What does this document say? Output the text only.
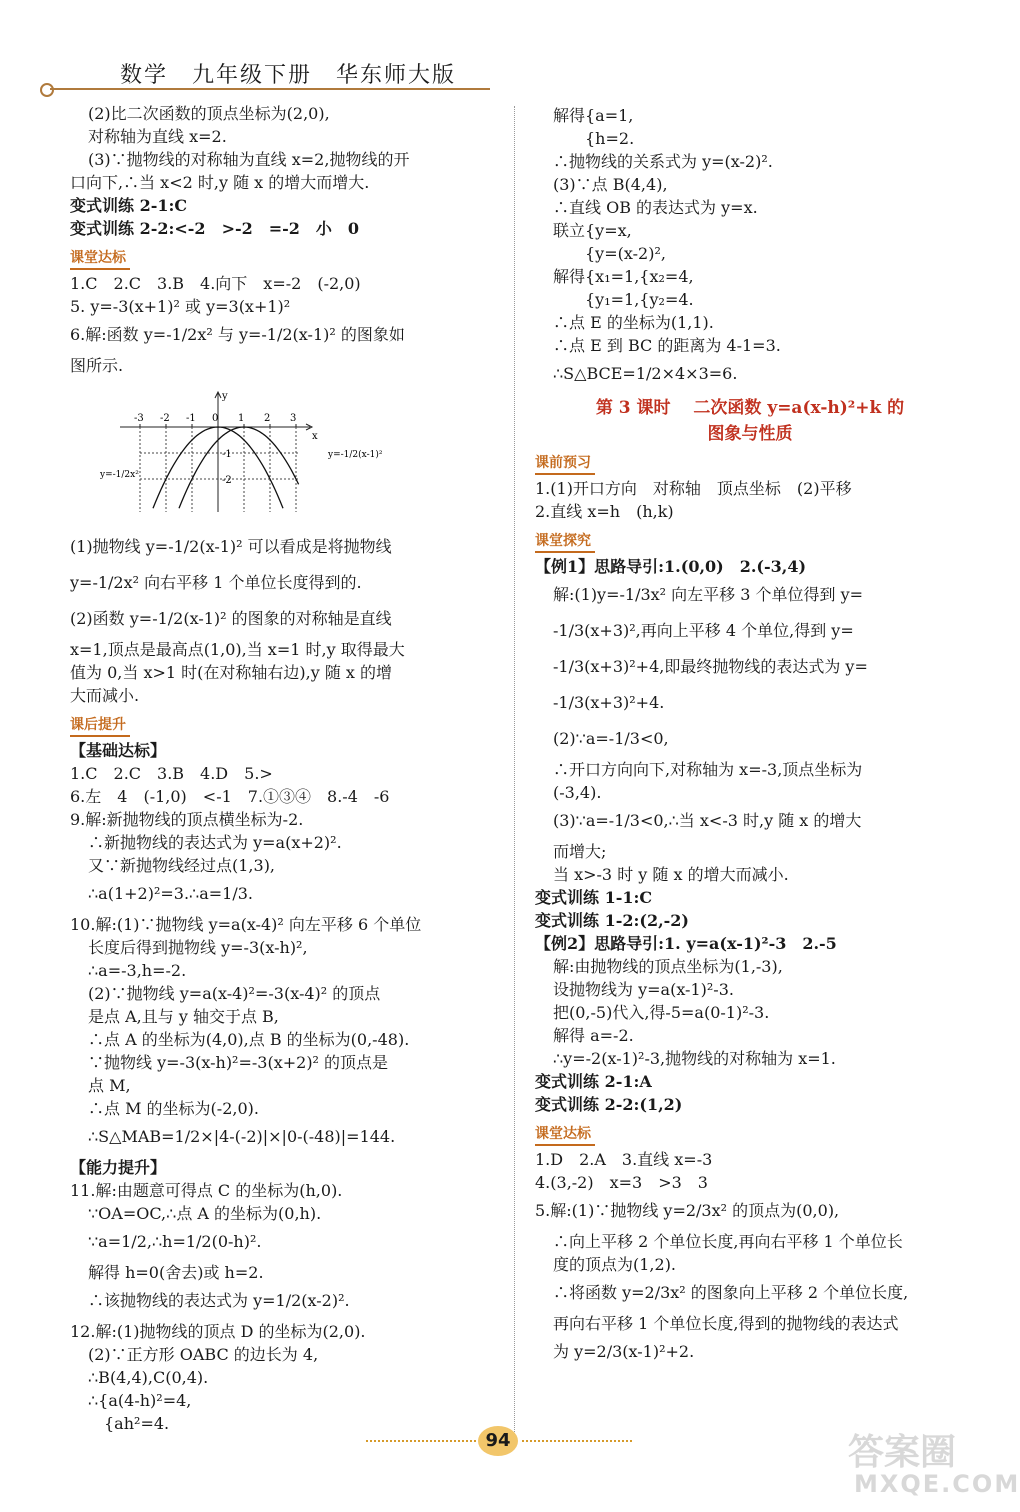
数学　九年级下册　华东师大版
(2)比二次函数的顶点坐标为(2,0),
对称轴为直线 x=2.
(3)∵抛物线的对称轴为直线 x=2,抛物线的开
口向下,∴当 x<2 时,y 随 x 的增大而增大.
变式训练 2-1:C
变式训练 2-2:<-2　>-2　=-2　小　0
课堂达标
1.C　2.C　3.B　4.向下　x=-2　(-2,0)
5. y=-3(x+1)² 或 y=3(x+1)²
6.解:函数 y=-1/2x² 与 y=-1/2(x-1)² 的图象如
图所示.
x
y
-3 -2 -1 0 1 2 3
-1
-2
y=-1/2x²
y=-1/2(x-1)²
(1)抛物线 y=-1/2(x-1)² 可以看成是将抛物线
y=-1/2x² 向右平移 1 个单位长度得到的.
(2)函数 y=-1/2(x-1)² 的图象的对称轴是直线
x=1,顶点是最高点(1,0),当 x=1 时,y 取得最大
值为 0,当 x>1 时(在对称轴右边),y 随 x 的增
大而减小.
课后提升
【基础达标】
1.C　2.C　3.B　4.D　5.>
6.左　4　(-1,0)　<-1　7.①③④　8.-4　-6
9.解:新抛物线的顶点横坐标为-2.
∴新抛物线的表达式为 y=a(x+2)².
又∵新抛物线经过点(1,3),
∴a(1+2)²=3.∴a=1/3.
10.解:(1)∵抛物线 y=a(x-4)² 向左平移 6 个单位
长度后得到抛物线 y=-3(x-h)²,
∴a=-3,h=-2.
(2)∵抛物线 y=a(x-4)²=-3(x-4)² 的顶点
是点 A,且与 y 轴交于点 B,
∴点 A 的坐标为(4,0),点 B 的坐标为(0,-48).
∵抛物线 y=-3(x-h)²=-3(x+2)² 的顶点是
点 M,
∴点 M 的坐标为(-2,0).
∴S△MAB=1/2×|4-(-2)|×|0-(-48)|=144.
【能力提升】
11.解:由题意可得点 C 的坐标为(h,0).
∵OA=OC,∴点 A 的坐标为(0,h).
∵a=1/2,∴h=1/2(0-h)².
解得 h=0(舍去)或 h=2.
∴该抛物线的表达式为 y=1/2(x-2)².
12.解:(1)抛物线的顶点 D 的坐标为(2,0).
(2)∵正方形 OABC 的边长为 4,
∴B(4,4),C(0,4).
∴{a(4-h)²=4,
　{ah²=4.
解得{a=1,
　　{h=2.
∴抛物线的关系式为 y=(x-2)².
(3)∵点 B(4,4),
∴直线 OB 的表达式为 y=x.
联立{y=x,
　　{y=(x-2)²,
解得{x₁=1,{x₂=4,
　　{y₁=1,{y₂=4.
∴点 E 的坐标为(1,1).
∴点 E 到 BC 的距离为 4-1=3.
∴S△BCE=1/2×4×3=6.
第 3 课时　 二次函数 y=a(x-h)²+k 的
图象与性质
课前预习
1.(1)开口方向　对称轴　顶点坐标　(2)平移
2.直线 x=h　(h,k)
课堂探究
【例1】思路导引:1.(0,0)　2.(-3,4)
解:(1)y=-1/3x² 向左平移 3 个单位得到 y=
-1/3(x+3)²,再向上平移 4 个单位,得到 y=
-1/3(x+3)²+4,即最终抛物线的表达式为 y=
-1/3(x+3)²+4.
(2)∵a=-1/3<0,
∴开口方向向下,对称轴为 x=-3,顶点坐标为
(-3,4).
(3)∵a=-1/3<0,∴当 x<-3 时,y 随 x 的增大
而增大;
当 x>-3 时 y 随 x 的增大而减小.
变式训练 1-1:C
变式训练 1-2:(2,-2)
【例2】思路导引:1. y=a(x-1)²-3　2.-5
解:由抛物线的顶点坐标为(1,-3),
设抛物线为 y=a(x-1)²-3.
把(0,-5)代入,得-5=a(0-1)²-3.
解得 a=-2.
∴y=-2(x-1)²-3,抛物线的对称轴为 x=1.
变式训练 2-1:A
变式训练 2-2:(1,2)
课堂达标
1.D　2.A　3.直线 x=-3
4.(3,-2)　x=3　>3　3
5.解:(1)∵抛物线 y=2/3x² 的顶点为(0,0),
∴向上平移 2 个单位长度,再向右平移 1 个单位长
度的顶点为(1,2).
∴将函数 y=2/3x² 的图象向上平移 2 个单位长度,
再向右平移 1 个单位长度,得到的抛物线的表达式
为 y=2/3(x-1)²+2.
94	答案圈
MXQE.COM
